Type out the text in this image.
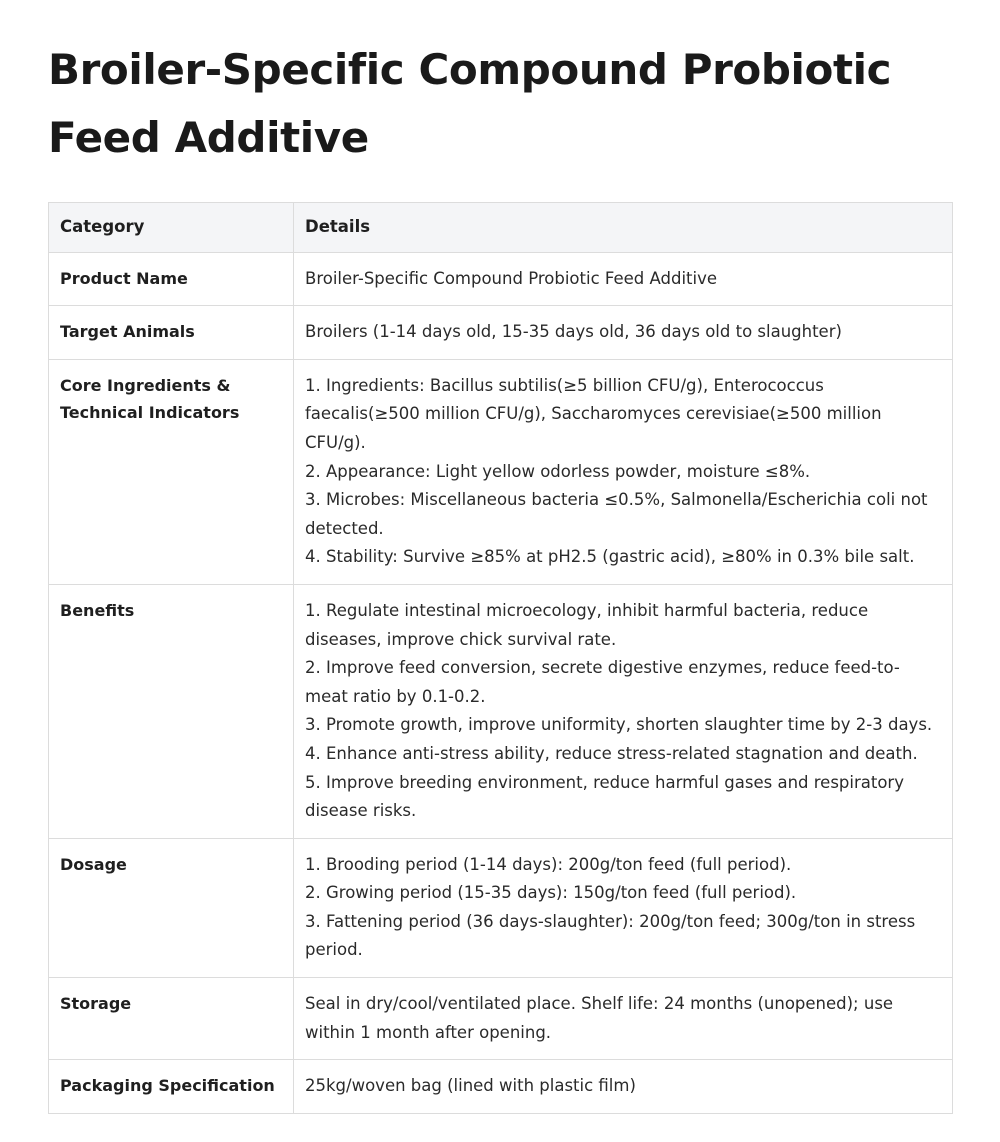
Broiler-Specific Compound Probiotic Feed Additive
Category	Details
Product Name	Broiler-Specific Compound Probiotic Feed Additive

Target Animals	Broilers (1-14 days old, 15-35 days old, 36 days old to slaughter)

Core Ingredients & Technical Indicators	1. Ingredients: Bacillus subtilis(≥5 billion CFU/g), Enterococcus faecalis(≥500 million CFU/g), Saccharomyces cerevisiae(≥500 million CFU/g).
2. Appearance: Light yellow odorless powder, moisture ≤8%.
3. Microbes: Miscellaneous bacteria ≤0.5%, Salmonella/Escherichia coli not detected.
4. Stability: Survive ≥85% at pH2.5 (gastric acid), ≥80% in 0.3% bile salt.

Benefits	1. Regulate intestinal microecology, inhibit harmful bacteria, reduce diseases, improve chick survival rate.
2. Improve feed conversion, secrete digestive enzymes, reduce feed-to-meat ratio by 0.1-0.2.
3. Promote growth, improve uniformity, shorten slaughter time by 2-3 days.
4. Enhance anti-stress ability, reduce stress-related stagnation and death.
5. Improve breeding environment, reduce harmful gases and respiratory disease risks.

Dosage	1. Brooding period (1-14 days): 200g/ton feed (full period).
2. Growing period (15-35 days): 150g/ton feed (full period).
3. Fattening period (36 days-slaughter): 200g/ton feed; 300g/ton in stress period.

Storage	Seal in dry/cool/ventilated place. Shelf life: 24 months (unopened); use within 1 month after opening.

Packaging Specification	25kg/woven bag (lined with plastic film)
